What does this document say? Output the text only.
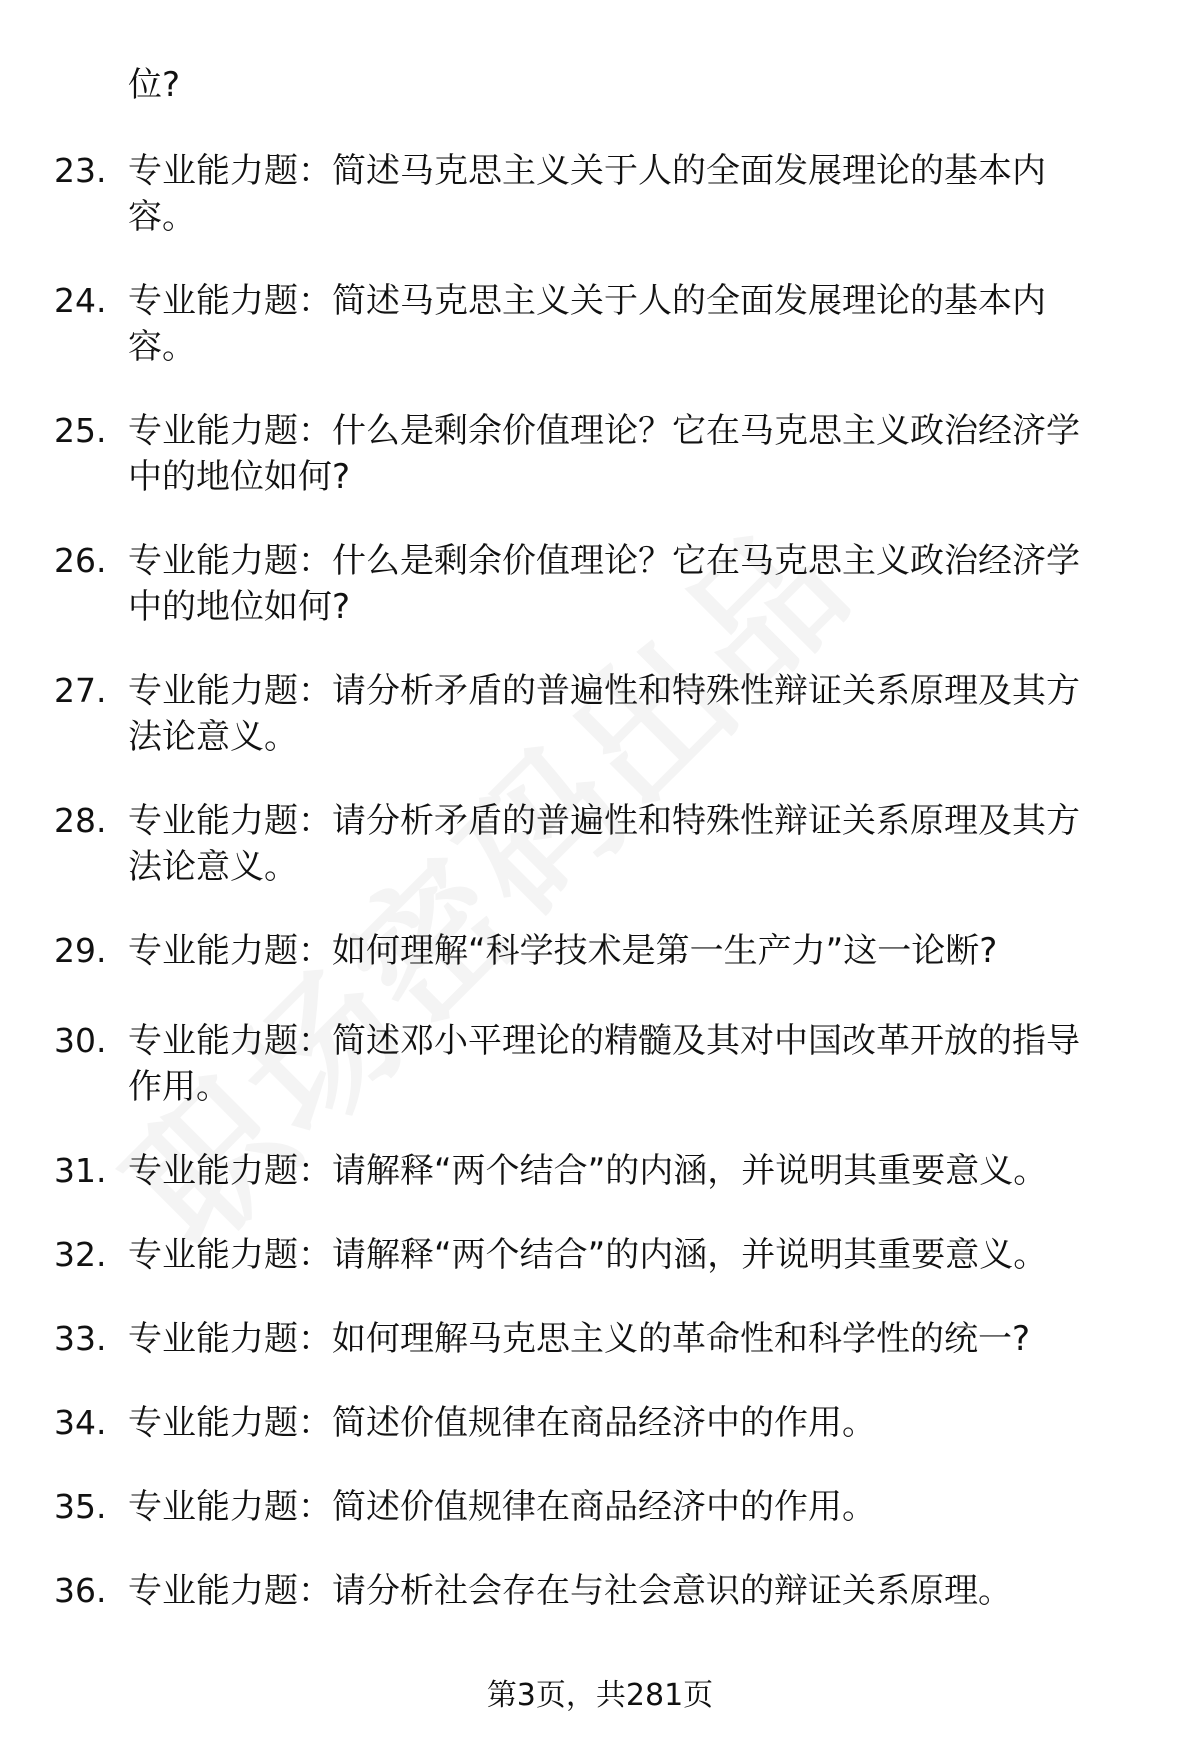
位?
23. 专业能力题：简述马克思主义关于人的全面发展理论的基本内
容。
24. 专业能力题：简述马克思主义关于人的全面发展理论的基本内
容。
25. 专业能力题：什么是剩余价值理论？它在马克思主义政治经济学
中的地位如何?
26. 专业能力题：什么是剩余价值理论？它在马克思主义政治经济学
中的地位如何?
27. 专业能力题：请分析矛盾的普遍性和特殊性辩证关系原理及其方
法论意义。
28. 专业能力题：请分析矛盾的普遍性和特殊性辩证关系原理及其方
法论意义。
29. 专业能力题：如何理解“科学技术是第一生产力”这一论断?
30. 专业能力题：简述邓小平理论的精髓及其对中国改革开放的指导
作用。
31. 专业能力题：请解释“两个结合”的内涵，并说明其重要意义。
32. 专业能力题：请解释“两个结合”的内涵，并说明其重要意义。
33. 专业能力题：如何理解马克思主义的革命性和科学性的统一?
34. 专业能力题：简述价值规律在商品经济中的作用。
35. 专业能力题：简述价值规律在商品经济中的作用。
36. 专业能力题：请分析社会存在与社会意识的辩证关系原理。
第3页，共281页
